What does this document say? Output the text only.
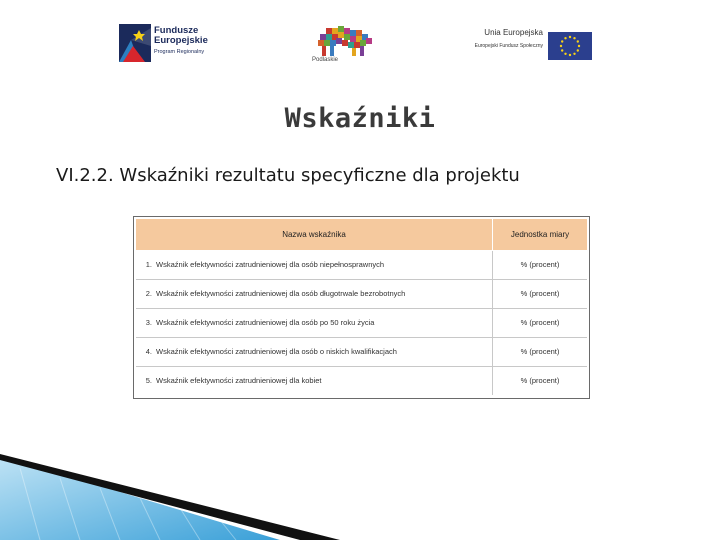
Fundusze
Europejskie
Program Regionalny
Podlaskie
Unia Europejska
Europejski Fundusz Społeczny
Wskaźniki
VI.2.2. Wskaźniki rezultatu specyficzne dla projektu
Nazwa wskaźnika	Jednostka miary
1. Wskaźnik efektywności zatrudnieniowej dla osób niepełnosprawnych	% (procent)
2. Wskaźnik efektywności zatrudnieniowej dla osób długotrwale bezrobotnych	% (procent)
3. Wskaźnik efektywności zatrudnieniowej dla osób po 50 roku życia	% (procent)
4. Wskaźnik efektywności zatrudnieniowej dla osób o niskich kwalifikacjach	% (procent)
5. Wskaźnik efektywności zatrudnieniowej dla kobiet	% (procent)
